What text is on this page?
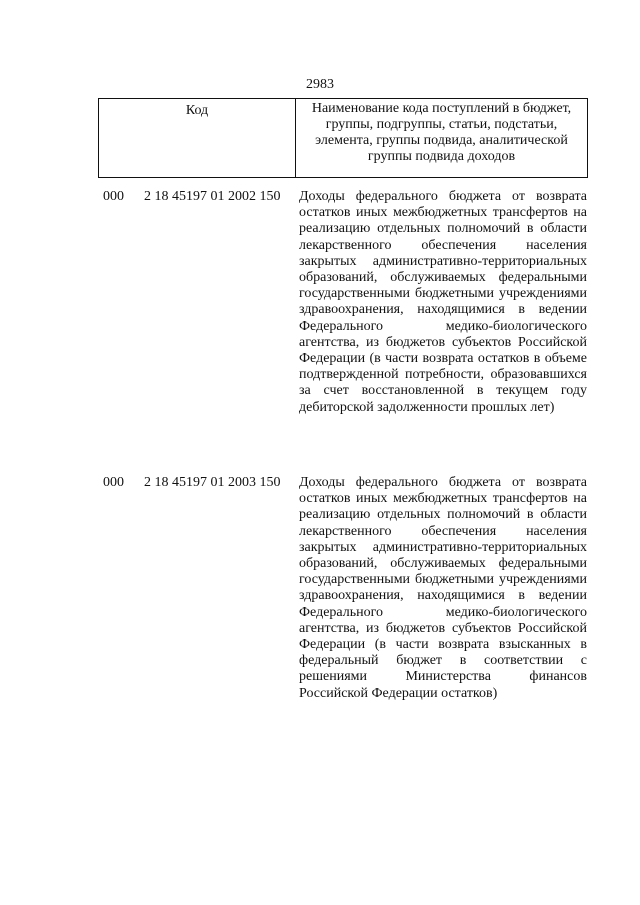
2983
Код	Наименование кода поступлений в бюджет, группы, подгруппы, статьи, подстатьи, элемента, группы подвида, аналитической группы подвида доходов
000 2 18 45197 01 2002 150 Доходы федерального бюджета от возврата остатков иных межбюджетных трансфертов на реализацию отдельных полномочий в области лекарственного обеспечения населения закрытых административно-территориальных образований, обслуживаемых федеральными государственными бюджетными учреждениями здравоохранения, находящимися в ведении Федерального медико-биологического агентства, из бюджетов субъектов Российской Федерации (в части возврата остатков в объеме подтвержденной потребности, образовавшихся за счет восстановленной в текущем году дебиторской задолженности прошлых лет)
000 2 18 45197 01 2003 150 Доходы федерального бюджета от возврата остатков иных межбюджетных трансфертов на реализацию отдельных полномочий в области лекарственного обеспечения населения закрытых административно-территориальных образований, обслуживаемых федеральными государственными бюджетными учреждениями здравоохранения, находящимися в ведении Федерального медико-биологического агентства, из бюджетов субъектов Российской Федерации (в части возврата взысканных в федеральный бюджет в соответствии с решениями Министерства финансов Российской Федерации остатков)
